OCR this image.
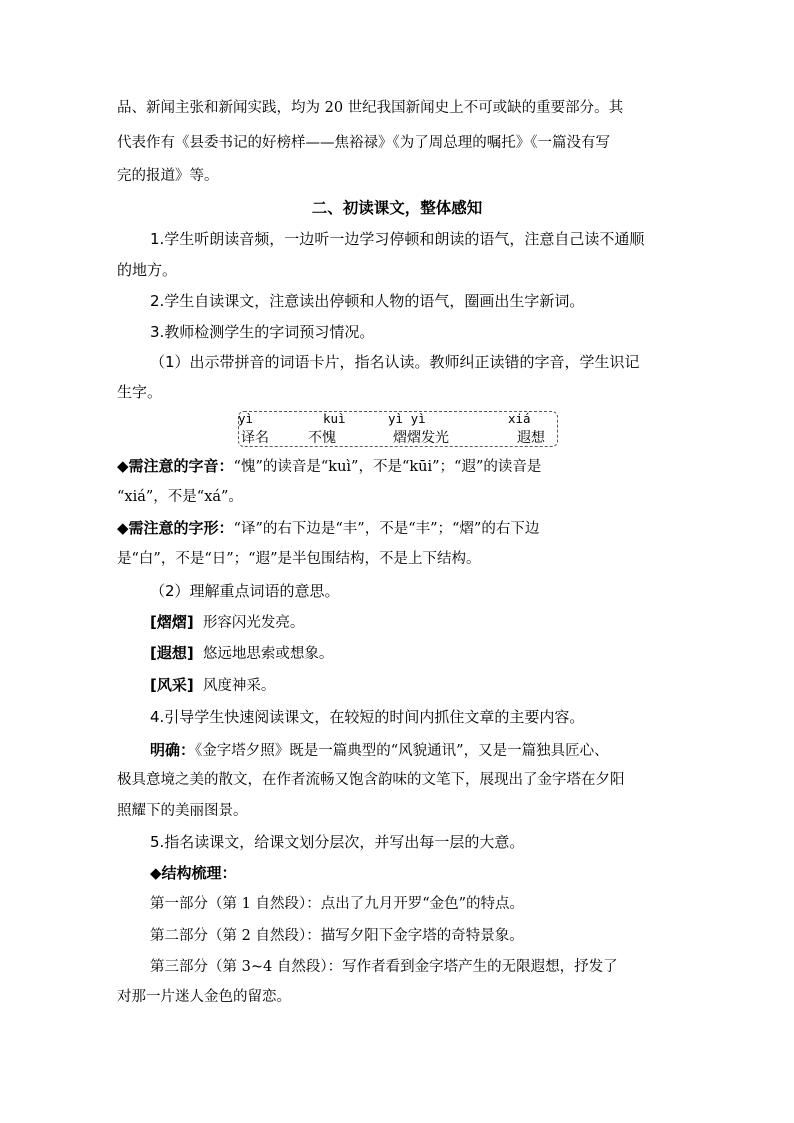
品、新闻主张和新闻实践，均为 20 世纪我国新闻史上不可或缺的重要部分。其
代表作有《县委书记的好榜样——焦裕禄》《为了周总理的嘱托》《一篇没有写
完的报道》等。
二、初读课文，整体感知
1.学生听朗读音频，一边听一边学习停顿和朗读的语气，注意自己读不通顺
的地方。
2.学生自读课文，注意读出停顿和人物的语气，圈画出生字新词。
3.教师检测学生的字词预习情况。
（1）出示带拼音的词语卡片，指名认读。教师纠正读错的字音，学生识记
生字。
yì	kuì	yì yì	xiá
译名	不愧	熠熠发光	遐想
◆需注意的字音：“愧”的读音是“kuì”，不是“kūi”；“遐”的读音是
“xiá”，不是“xá”。
◆需注意的字形：“译”的右下边是“丰”，不是“丰”；“熠”的右下边
是“白”，不是“日”；“遐”是半包围结构，不是上下结构。
（2）理解重点词语的意思。
[熠熠] 形容闪光发亮。
[遐想] 悠远地思索或想象。
[风采] 风度神采。
4.引导学生快速阅读课文，在较短的时间内抓住文章的主要内容。
明确：《金字塔夕照》既是一篇典型的“风貌通讯”，又是一篇独具匠心、
极具意境之美的散文，在作者流畅又饱含韵味的文笔下，展现出了金字塔在夕阳
照耀下的美丽图景。
5.指名读课文，给课文划分层次，并写出每一层的大意。
◆结构梳理：
第一部分（第 1 自然段）：点出了九月开罗“金色”的特点。
第二部分（第 2 自然段）：描写夕阳下金字塔的奇特景象。
第三部分（第 3~4 自然段）：写作者看到金字塔产生的无限遐想，抒发了
对那一片迷人金色的留恋。
